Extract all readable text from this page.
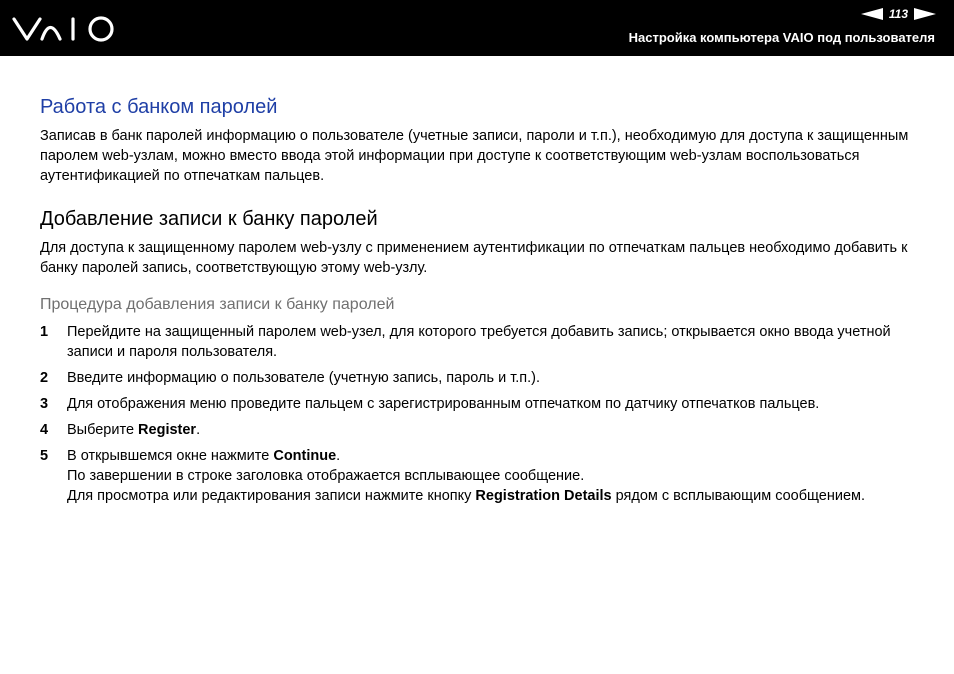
113
Настройка компьютера VAIO под пользователя
Работа с банком паролей

Записав в банк паролей информацию о пользователе (учетные записи, пароли и т.п.), необходимую для доступа к защищенным паролем web-узлам, можно вместо ввода этой информации при доступе к соответствующим web-узлам воспользоваться аутентификацией по отпечаткам пальцев.

Добавление записи к банку паролей

Для доступа к защищенному паролем web-узлу с применением аутентификации по отпечаткам пальцев необходимо добавить к банку паролей запись, соответствующую этому web-узлу.

Процедура добавления записи к банку паролей
1 Перейдите на защищенный паролем web-узел, для которого требуется добавить запись; открывается окно ввода учетной записи и пароля пользователя.
2 Введите информацию о пользователе (учетную запись, пароль и т.п.).
3 Для отображения меню проведите пальцем с зарегистрированным отпечатком по датчику отпечатков пальцев.
4 Выберите Register.
5 В открывшемся окне нажмите Continue.
По завершении в строке заголовка отображается всплывающее сообщение.
Для просмотра или редактирования записи нажмите кнопку Registration Details рядом с всплывающим сообщением.
